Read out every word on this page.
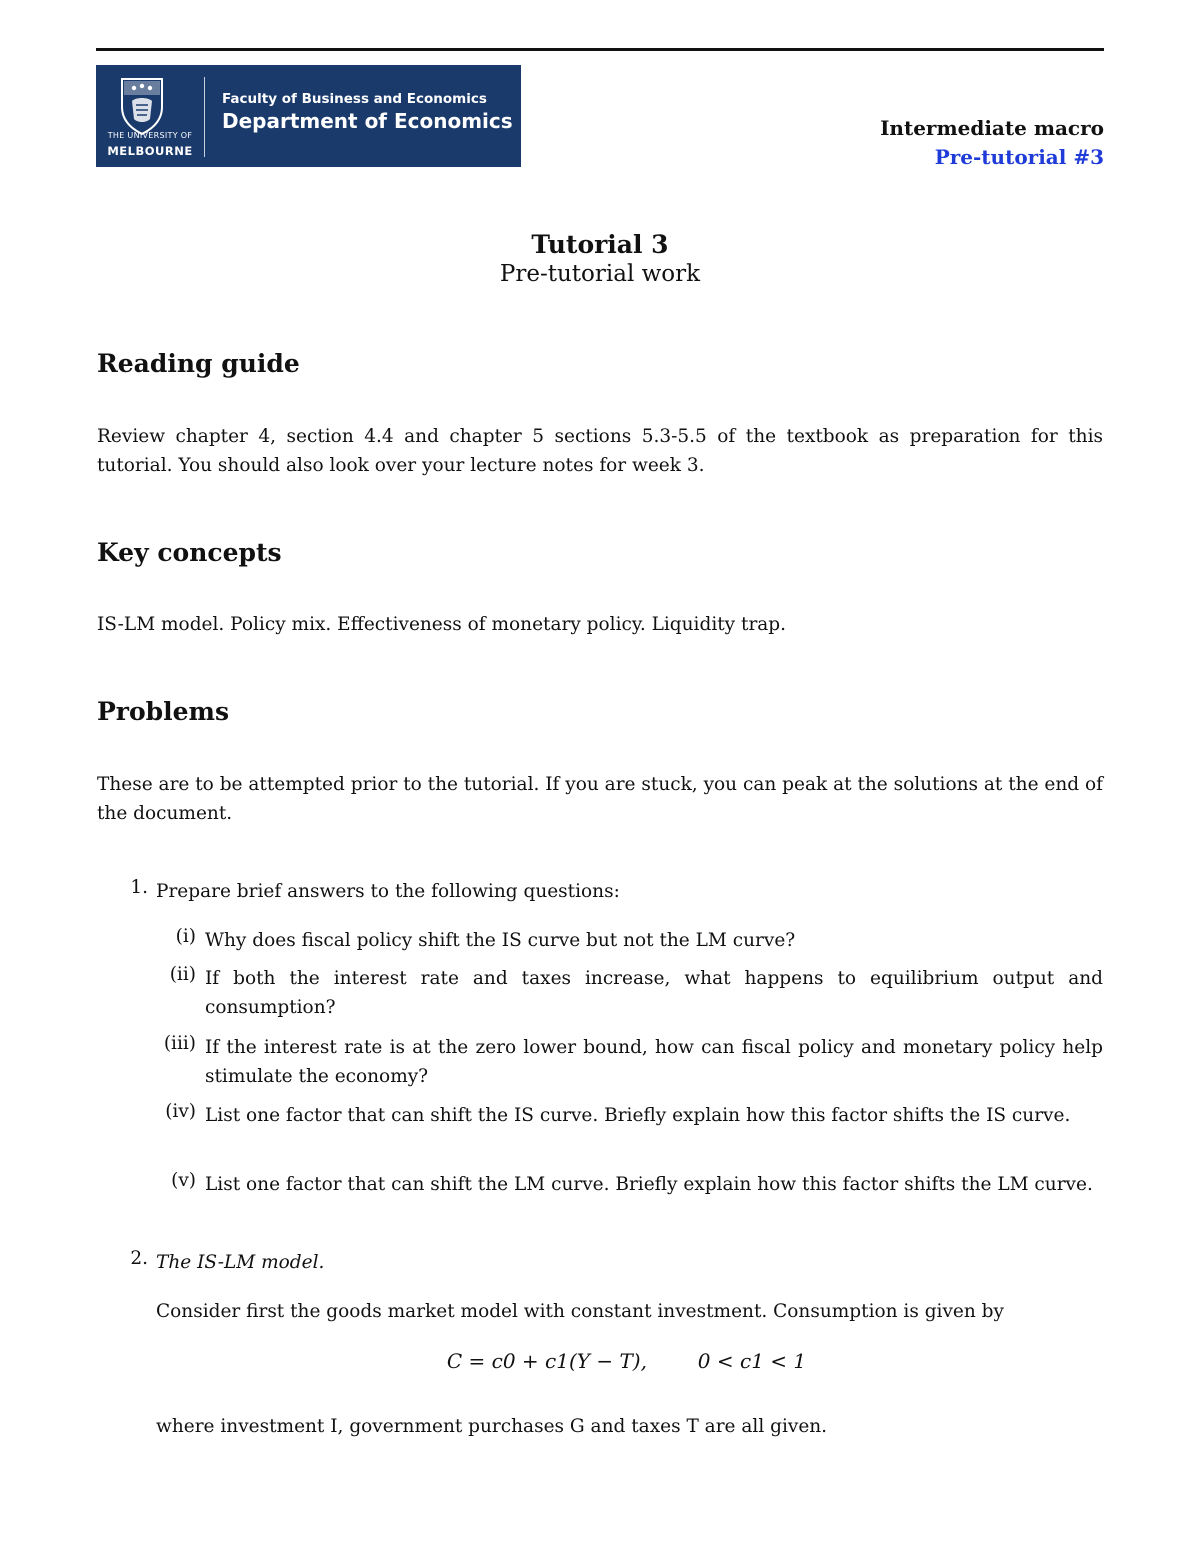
THE UNIVERSITY OF
MELBOURNE
Faculty of Business and Economics
Department of Economics	Intermediate macro
Pre-tutorial #3
Tutorial 3
Pre-tutorial work
Reading guide
Review chapter 4, section 4.4 and chapter 5 sections 5.3-5.5 of the textbook as preparation for this tutorial. You should also look over your lecture notes for week 3.
Key concepts
IS-LM model. Policy mix. Effectiveness of monetary policy. Liquidity trap.
Problems
These are to be attempted prior to the tutorial. If you are stuck, you can peak at the solutions at the end of the document.
1. Prepare brief answers to the following questions:
(i) Why does fiscal policy shift the IS curve but not the LM curve?
(ii) If both the interest rate and taxes increase, what happens to equilibrium output and consumption?
(iii) If the interest rate is at the zero lower bound, how can fiscal policy and monetary policy help stimulate the economy?
(iv) List one factor that can shift the IS curve. Briefly explain how this factor shifts the IS curve.
(v) List one factor that can shift the LM curve. Briefly explain how this factor shifts the LM curve.
2. The IS-LM model.
Consider first the goods market model with constant investment. Consumption is given by
C = c0 + c1(Y − T),        0 < c1 < 1
where investment I, government purchases G and taxes T are all given.
